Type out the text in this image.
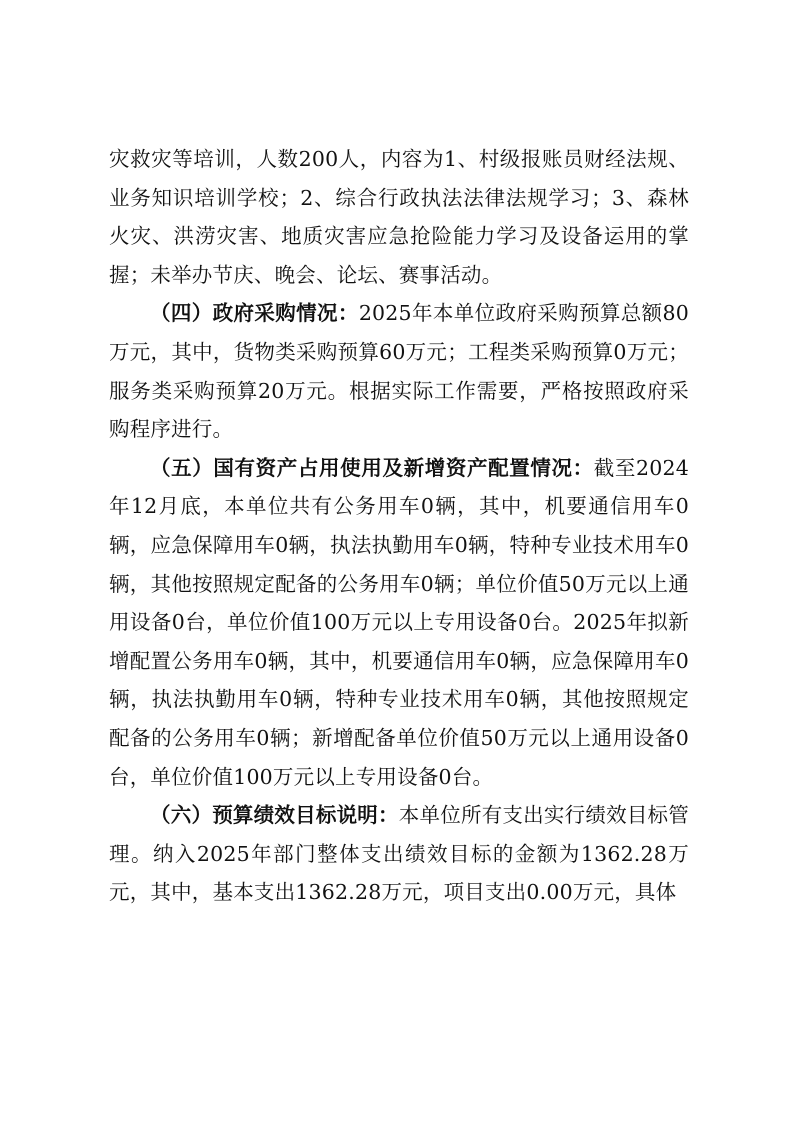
灾救灾等培训，人数200人，内容为1、村级报账员财经法规、业务知识培训学校；2、综合行政执法法律法规学习；3、森林火灾、洪涝灾害、地质灾害应急抢险能力学习及设备运用的掌握；未举办节庆、晚会、论坛、赛事活动。

（四）政府采购情况：2025年本单位政府采购预算总额80万元，其中，货物类采购预算60万元；工程类采购预算0万元；服务类采购预算20万元。根据实际工作需要，严格按照政府采购程序进行。

（五）国有资产占用使用及新增资产配置情况：截至2024年12月底，本单位共有公务用车0辆，其中，机要通信用车0辆，应急保障用车0辆，执法执勤用车0辆，特种专业技术用车0辆，其他按照规定配备的公务用车0辆；单位价值50万元以上通用设备0台，单位价值100万元以上专用设备0台。2025年拟新增配置公务用车0辆，其中，机要通信用车0辆，应急保障用车0辆，执法执勤用车0辆，特种专业技术用车0辆，其他按照规定配备的公务用车0辆；新增配备单位价值50万元以上通用设备0台，单位价值100万元以上专用设备0台。

（六）预算绩效目标说明：本单位所有支出实行绩效目标管理。纳入2025年部门整体支出绩效目标的金额为1362.28万元，其中，基本支出1362.28万元，项目支出0.00万元，具体
